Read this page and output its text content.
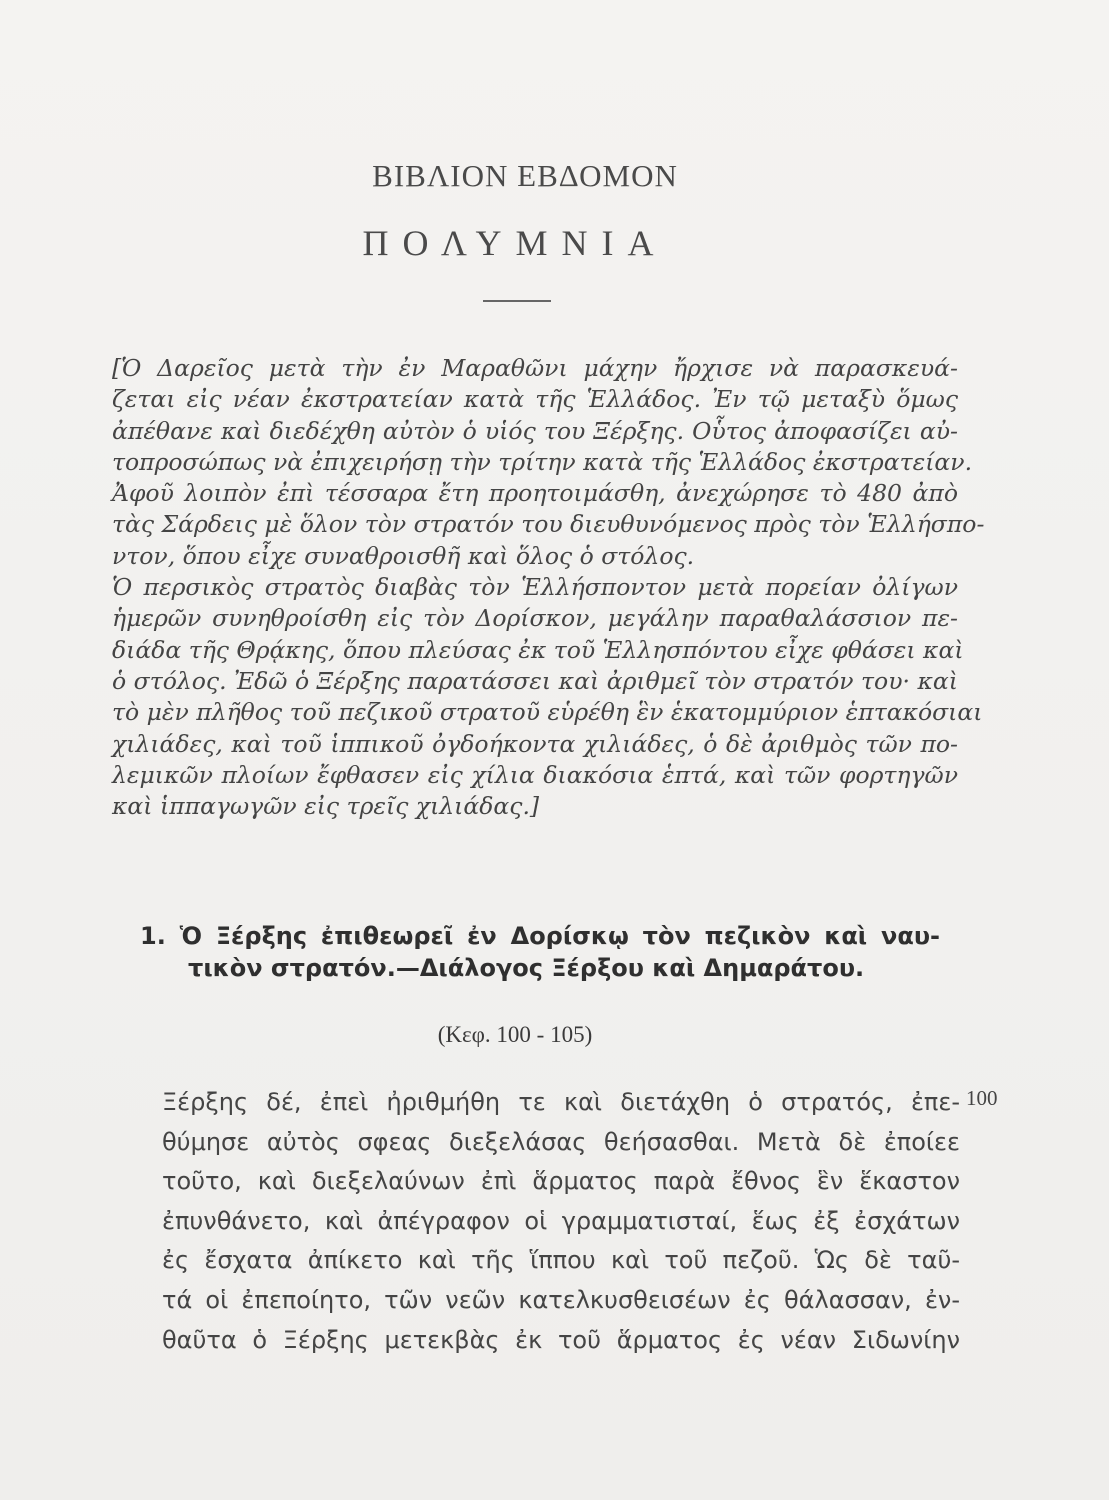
ΒΙΒΛΙΟΝ ΕΒΔΟΜΟΝ
ΠΟΛΥΜΝΙΑ
[Ὁ Δαρεῖος μετὰ τὴν ἐν Μαραθῶνι μάχην ἤρχισε νὰ παρασκευά-
ζεται εἰς νέαν ἐκστρατείαν κατὰ τῆς Ἑλλάδος. Ἐν τῷ μεταξὺ ὅμως
ἀπέθανε καὶ διεδέχθη αὐτὸν ὁ υἱός του Ξέρξης. Οὗτος ἀποφασίζει αὐ-
τοπροσώπως νὰ ἐπιχειρήσῃ τὴν τρίτην κατὰ τῆς Ἑλλάδος ἐκστρατείαν.
Ἀφοῦ λοιπὸν ἐπὶ τέσσαρα ἔτη προητοιμάσθη, ἀνεχώρησε τὸ 480 ἀπὸ
τὰς Σάρδεις μὲ ὅλον τὸν στρατόν του διευθυνόμενος πρὸς τὸν Ἑλλήσπο-
ντον, ὅπου εἶχε συναθροισθῆ καὶ ὅλος ὁ στόλος.
Ὁ περσικὸς στρατὸς διαβὰς τὸν Ἑλλήσποντον μετὰ πορείαν ὀλίγων
ἡμερῶν συνηθροίσθη εἰς τὸν Δορίσκον, μεγάλην παραθαλάσσιον πε-
διάδα τῆς Θρᾴκης, ὅπου πλεύσας ἐκ τοῦ Ἑλλησπόντου εἶχε φθάσει καὶ
ὁ στόλος. Ἐδῶ ὁ Ξέρξης παρατάσσει καὶ ἀριθμεῖ τὸν στρατόν του· καὶ
τὸ μὲν πλῆθος τοῦ πεζικοῦ στρατοῦ εὑρέθη ἓν ἑκατομμύριον ἑπτακόσιαι
χιλιάδες, καὶ τοῦ ἱππικοῦ ὀγδοήκοντα χιλιάδες, ὁ δὲ ἀριθμὸς τῶν πο-
λεμικῶν πλοίων ἔφθασεν εἰς χίλια διακόσια ἑπτά, καὶ τῶν φορτηγῶν
καὶ ἱππαγωγῶν εἰς τρεῖς χιλιάδας.]
1. Ὁ Ξέρξης ἐπιθεωρεῖ ἐν Δορίσκῳ τὸν πεζικὸν καὶ ναυ-
τικὸν στρατόν.—Διάλογος Ξέρξου καὶ Δημαράτου.
(Κεφ. 100 - 105)
100
Ξέρξης δέ, ἐπεὶ ἠριθμήθη τε καὶ διετάχθη ὁ στρατός, ἐπε-
θύμησε αὐτὸς σφεας διεξελάσας θεήσασθαι. Μετὰ δὲ ἐποίεε
τοῦτο, καὶ διεξελαύνων ἐπὶ ἅρματος παρὰ ἔθνος ἓν ἕκαστον
ἐπυνθάνετο, καὶ ἀπέγραφον οἱ γραμματισταί, ἕως ἐξ ἐσχάτων
ἐς ἔσχατα ἀπίκετο καὶ τῆς ἵππου καὶ τοῦ πεζοῦ. Ὡς δὲ ταῦ-
τά οἱ ἐπεποίητο, τῶν νεῶν κατελκυσθεισέων ἐς θάλασσαν, ἐν-
θαῦτα ὁ Ξέρξης μετεκβὰς ἐκ τοῦ ἅρματος ἐς νέαν Σιδωνίην
